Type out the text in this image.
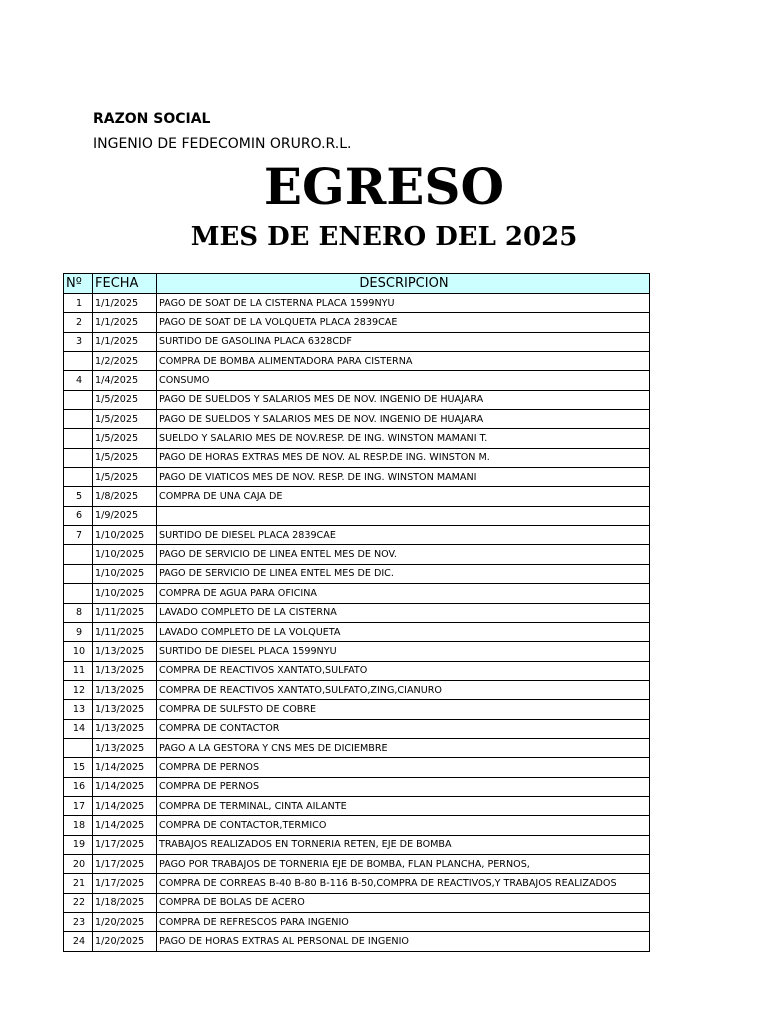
RAZON SOCIAL
INGENIO DE FEDECOMIN ORURO.R.L.
EGRESO
MES DE ENERO DEL 2025
Nº	FECHA	DESCRIPCION
1	1/1/2025	PAGO DE SOAT DE LA CISTERNA PLACA 1599NYU
2	1/1/2025	PAGO DE SOAT DE LA VOLQUETA PLACA 2839CAE
3	1/1/2025	SURTIDO DE GASOLINA PLACA 6328CDF
	1/2/2025	COMPRA DE BOMBA ALIMENTADORA PARA CISTERNA
4	1/4/2025	CONSUMO
	1/5/2025	PAGO DE SUELDOS Y SALARIOS MES DE NOV. INGENIO DE HUAJARA
	1/5/2025	PAGO DE SUELDOS Y SALARIOS MES DE NOV. INGENIO DE HUAJARA
	1/5/2025	SUELDO Y SALARIO MES DE NOV.RESP. DE ING. WINSTON MAMANI T.
	1/5/2025	PAGO DE HORAS EXTRAS MES DE NOV. AL RESP.DE ING. WINSTON M.
	1/5/2025	PAGO DE VIATICOS MES DE NOV. RESP. DE ING. WINSTON MAMANI
5	1/8/2025	COMPRA DE UNA CAJA DE
6	1/9/2025	
7	1/10/2025	SURTIDO DE DIESEL PLACA 2839CAE
	1/10/2025	PAGO DE SERVICIO DE LINEA ENTEL MES DE NOV.
	1/10/2025	PAGO DE SERVICIO DE LINEA ENTEL MES DE DIC.
	1/10/2025	COMPRA DE AGUA PARA OFICINA
8	1/11/2025	LAVADO COMPLETO DE LA CISTERNA
9	1/11/2025	LAVADO COMPLETO DE LA VOLQUETA
10	1/13/2025	SURTIDO DE DIESEL PLACA 1599NYU
11	1/13/2025	COMPRA DE REACTIVOS XANTATO,SULFATO
12	1/13/2025	COMPRA DE REACTIVOS XANTATO,SULFATO,ZING,CIANURO
13	1/13/2025	COMPRA DE SULFSTO DE COBRE
14	1/13/2025	COMPRA DE CONTACTOR
	1/13/2025	PAGO A LA GESTORA Y CNS MES DE DICIEMBRE
15	1/14/2025	COMPRA DE PERNOS
16	1/14/2025	COMPRA DE PERNOS
17	1/14/2025	COMPRA DE TERMINAL, CINTA AILANTE
18	1/14/2025	COMPRA DE CONTACTOR,TERMICO
19	1/17/2025	TRABAJOS REALIZADOS EN TORNERIA RETEN, EJE DE BOMBA
20	1/17/2025	PAGO POR TRABAJOS DE TORNERIA EJE DE BOMBA, FLAN PLANCHA, PERNOS,
21	1/17/2025	COMPRA DE CORREAS B-40 B-80 B-116 B-50,COMPRA DE REACTIVOS,Y TRABAJOS REALIZADOS
22	1/18/2025	COMPRA DE BOLAS DE ACERO
23	1/20/2025	COMPRA DE REFRESCOS PARA INGENIO
24	1/20/2025	PAGO DE HORAS EXTRAS AL PERSONAL DE INGENIO
